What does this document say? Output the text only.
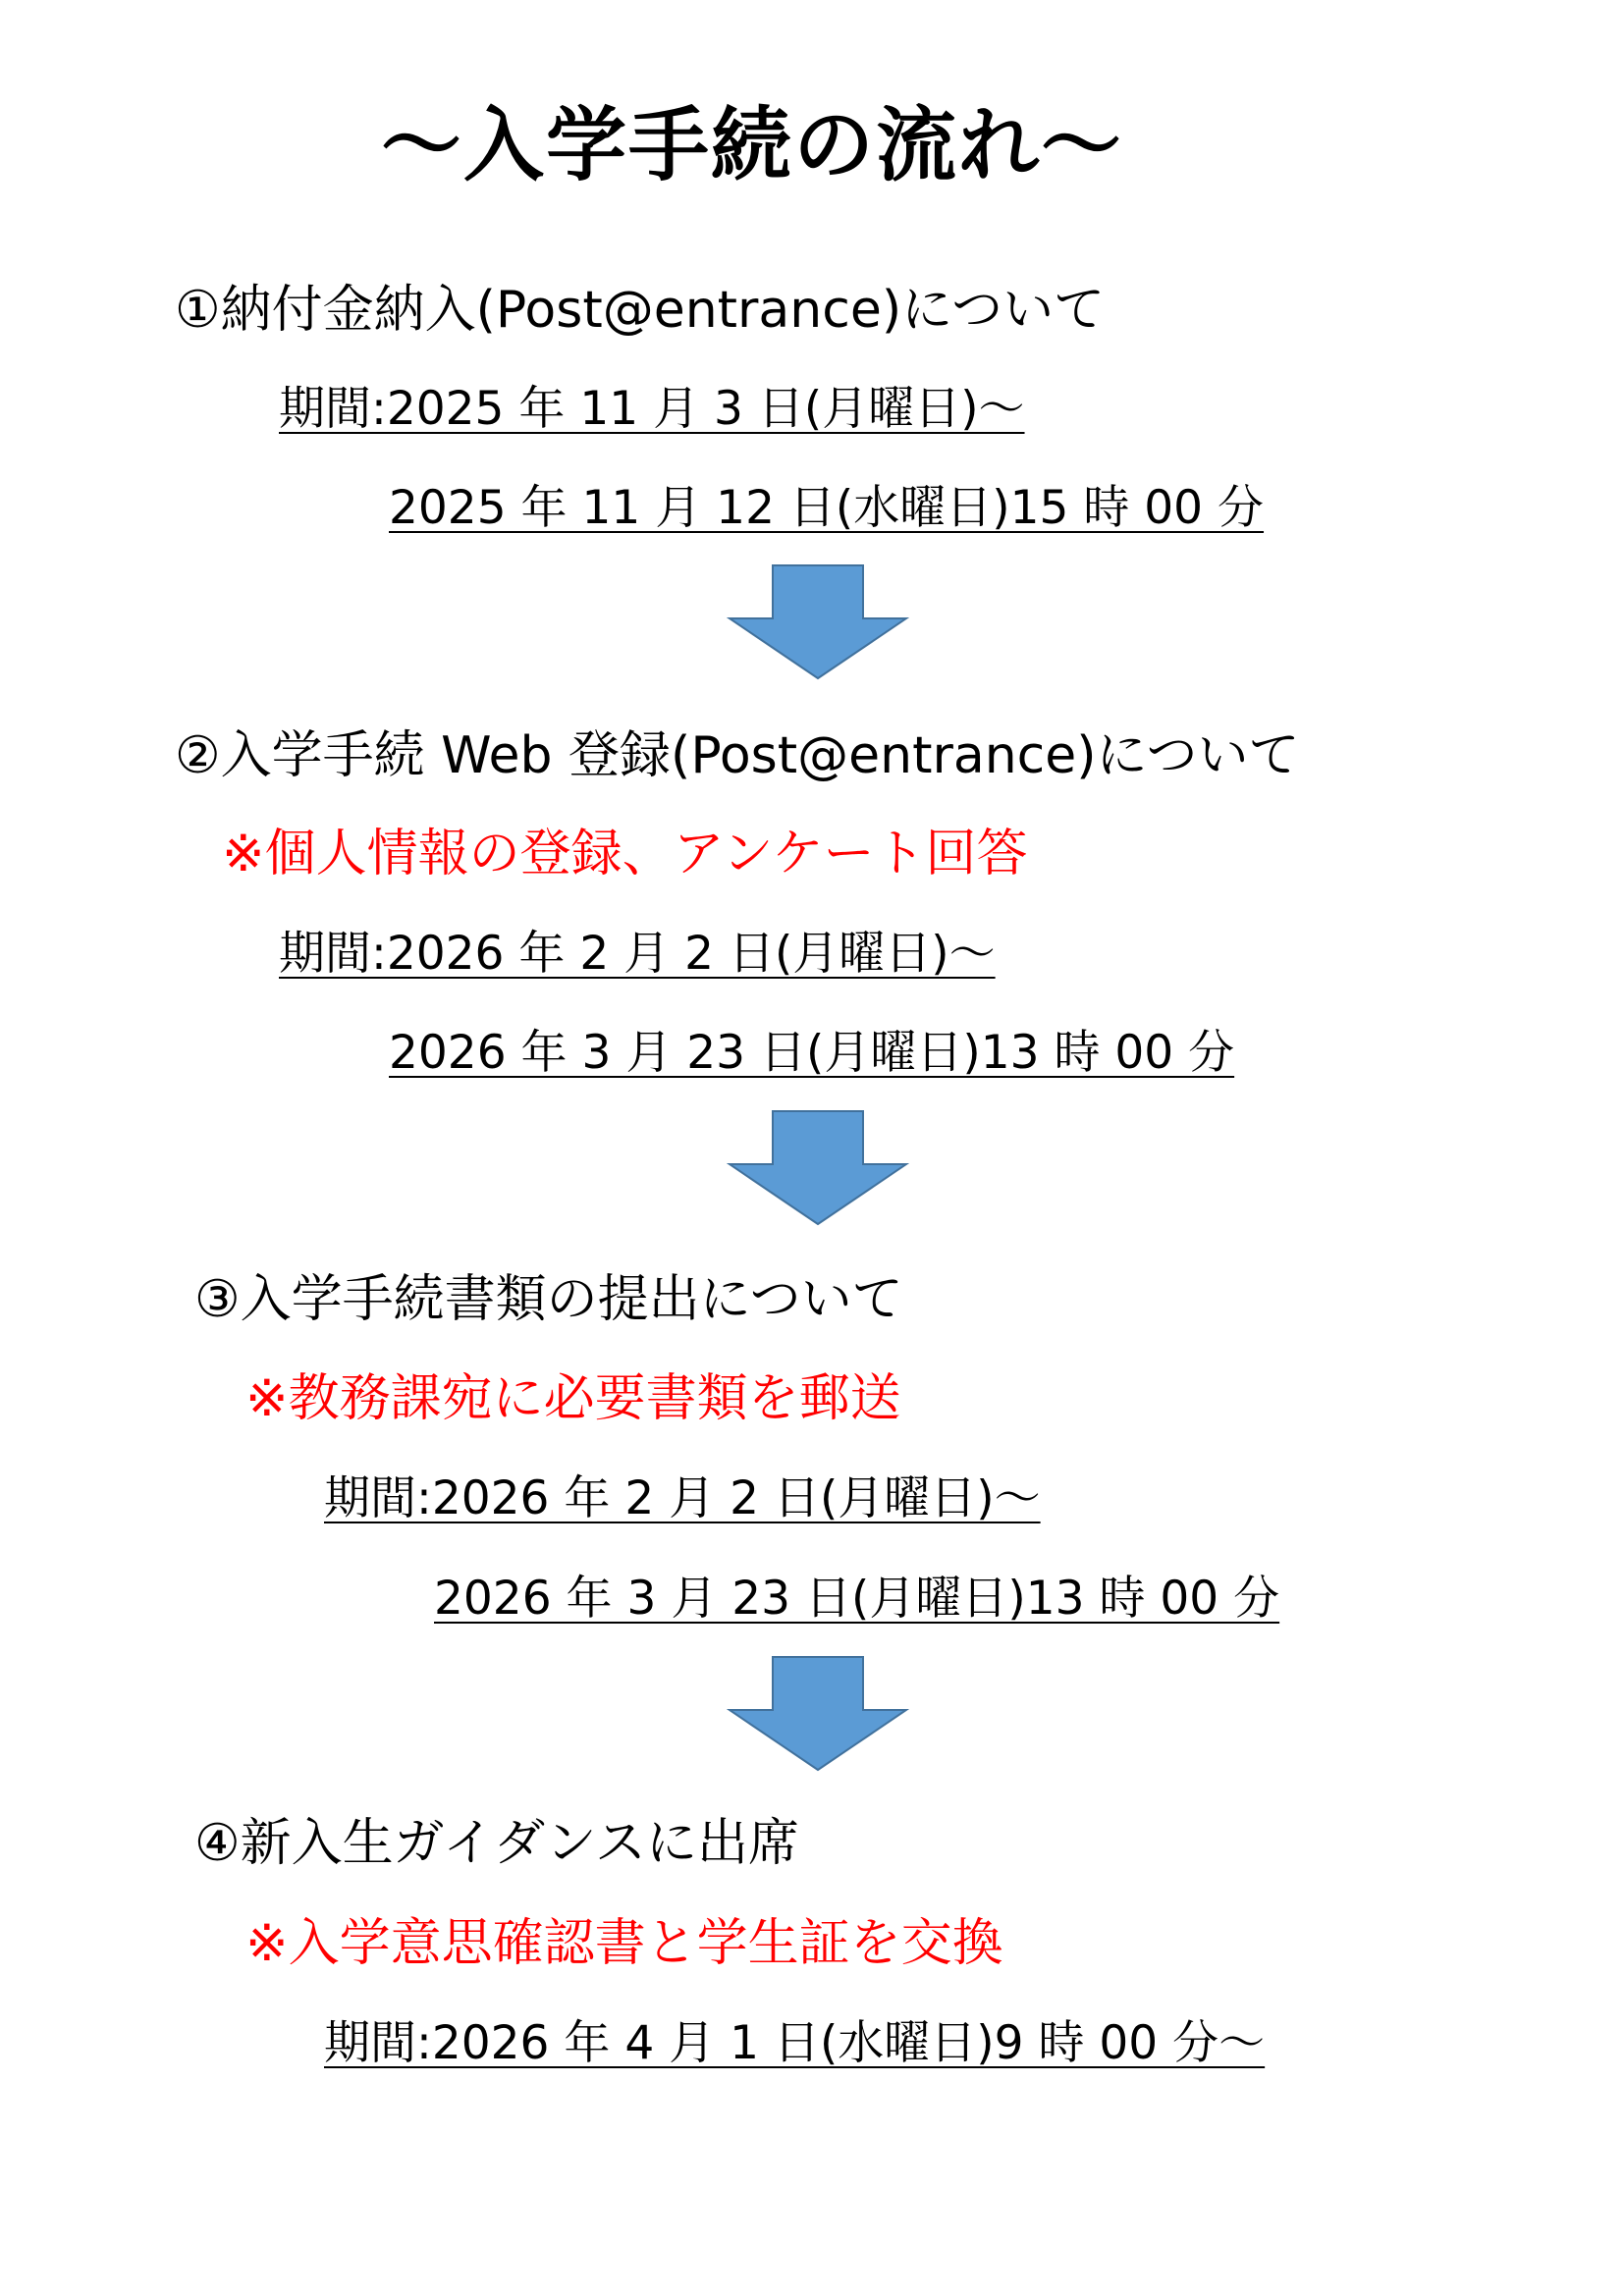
～入学手続の流れ～
①納付金納入(Post@entrance)について
期間:2025 年 11 月 3 日(月曜日)～
2025 年 11 月 12 日(水曜日)15 時 00 分
②入学手続 Web 登録(Post@entrance)について
※個人情報の登録、アンケート回答
期間:2026 年 2 月 2 日(月曜日)～
2026 年 3 月 23 日(月曜日)13 時 00 分
③入学手続書類の提出について
※教務課宛に必要書類を郵送
期間:2026 年 2 月 2 日(月曜日)～
2026 年 3 月 23 日(月曜日)13 時 00 分
④新入生ガイダンスに出席
※入学意思確認書と学生証を交換
期間:2026 年 4 月 1 日(水曜日)9 時 00 分～
